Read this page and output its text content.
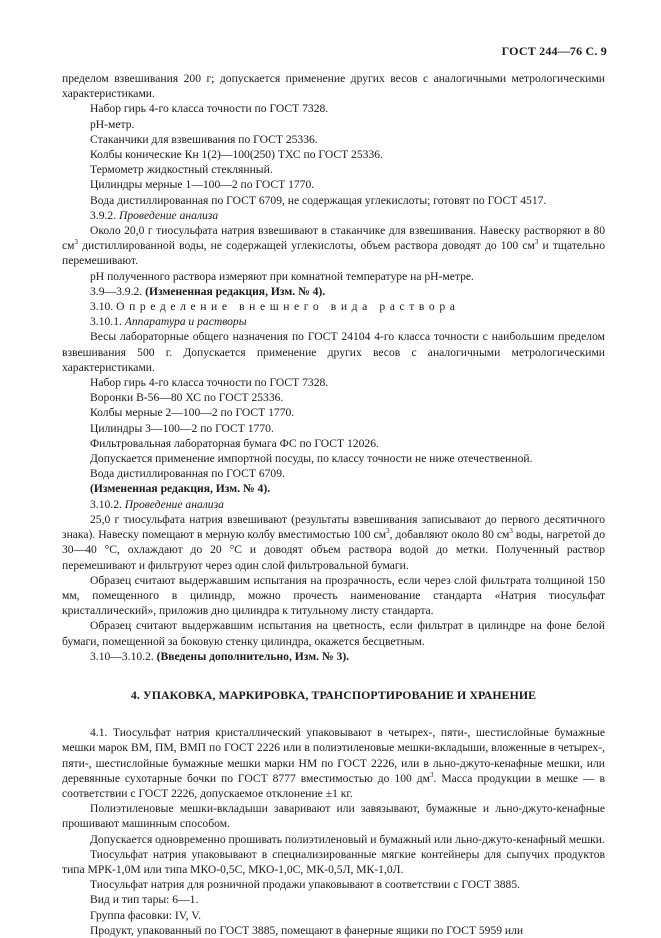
ГОСТ 244—76 С. 9

пределом взвешивания 200 г; допускается применение других весов с аналогичными метрологическими характеристиками.

Набор гирь 4-го класса точности по ГОСТ 7328.

рН-метр.

Стаканчики для взвешивания по ГОСТ 25336.

Колбы конические Кн 1(2)—100(250) ТХС по ГОСТ 25336.

Термометр жидкостный стеклянный.

Цилиндры мерные 1—100—2 по ГОСТ 1770.

Вода дистиллированная по ГОСТ 6709, не содержащая углекислоты; готовят по ГОСТ 4517.

3.9.2. Проведение анализа

Около 20,0 г тиосульфата натрия взвешивают в стаканчике для взвешивания. Навеску растворяют в 80 $см^3$ дистиллированной воды, не содержащей углекислоты, объем раствора доводят до 100 $см^3$ и тщательно перемешивают.

рН полученного раствора измеряют при комнатной температуре на рН-метре.

3.9—3.9.2. (Измененная редакция, Изм. № 4).

3.10. Определение внешнего вида раствора

3.10.1. Аппаратура и растворы

Весы лабораторные общего назначения по ГОСТ 24104 4-го класса точности с наибольшим пределом взвешивания 500 г. Допускается применение других весов с аналогичными метрологическими характеристиками.

Набор гирь 4-го класса точности по ГОСТ 7328.

Воронки В-56—80 ХС по ГОСТ 25336.

Колбы мерные 2—100—2 по ГОСТ 1770.

Цилиндры 3—100—2 по ГОСТ 1770.

Фильтровальная лабораторная бумага ФС по ГОСТ 12026.

Допускается применение импортной посуды, по классу точности не ниже отечественной.

Вода дистиллированная по ГОСТ 6709.

(Измененная редакция, Изм. № 4).

3.10.2. Проведение анализа

25,0 г тиосульфата натрия взвешивают (результаты взвешивания записывают до первого десятичного знака). Навеску помещают в мерную колбу вместимостью 100 $см^3$, добавляют около 80 $см^3$ воды, нагретой до 30—40 °С, охлаждают до 20 °С и доводят объем раствора водой до метки. Полученный раствор перемешивают и фильтруют через один слой фильтровальной бумаги.

Образец считают выдержавшим испытания на прозрачность, если через слой фильтрата толщиной 150 мм, помещенного в цилиндр, можно прочесть наименование стандарта «Натрия тиосульфат кристаллический», приложив дно цилиндра к титульному листу стандарта.

Образец считают выдержавшим испытания на цветность, если фильтрат в цилиндре на фоне белой бумаги, помещенной за боковую стенку цилиндра, окажется бесцветным.

3.10—3.10.2. (Введены дополнительно, Изм. № 3).

4. УПАКОВКА, МАРКИРОВКА, ТРАНСПОРТИРОВАНИЕ И ХРАНЕНИЕ

4.1. Тиосульфат натрия кристаллический упаковывают в четырех-, пяти-, шестислойные бумажные мешки марок ВМ, ПМ, ВМП по ГОСТ 2226 или в полиэтиленовые мешки-вкладыши, вложенные в четырех-, пяти-, шестислойные бумажные мешки марки НМ по ГОСТ 2226, или в льно-джуто-кенафные мешки, или деревянные сухотарные бочки по ГОСТ 8777 вместимостью до 100 $дм^3$. Масса продукции в мешке — в соответствии с ГОСТ 2226, допускаемое отклонение ±1 кг.

Полиэтиленовые мешки-вкладыши заваривают или завязывают, бумажные и льно-джуто-кенафные прошивают машинным способом.

Допускается одновременно прошивать полиэтиленовый и бумажный или льно-джуто-кенафный мешки.

Тиосульфат натрия упаковывают в специализированные мягкие контейнеры для сыпучих продуктов типа МРК-1,0М или типа МКО-0,5С, МКО-1,0С, МК-0,5Л, МК-1,0Л.

Тиосульфат натрия для розничной продажи упаковывают в соответствии с ГОСТ 3885.

Вид и тип тары: 6—1.

Группа фасовки: IV, V.

Продукт, упакованный по ГОСТ 3885, помещают в фанерные ящики по ГОСТ 5959 или
